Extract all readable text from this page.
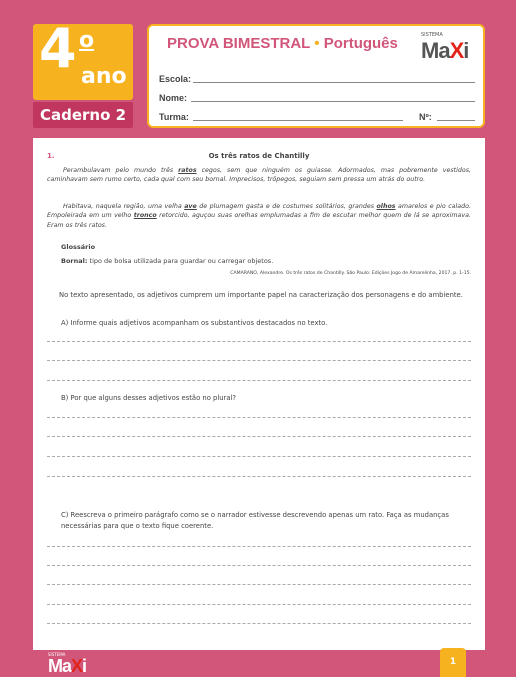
4 o
ano
Caderno 2
PROVA BIMESTRAL • Português	SISTEMA
MaXi
Escola:
Nome:
Turma:	Nº:
1.	Os três ratos de Chantilly

Perambulavam pelo mundo três ratos cegos, sem que ninguém os guiasse. Adormados, mas pobremente vestidos, caminhavam sem rumo certo, cada qual com seu bornal. Imprecisos, trôpegos, seguiam sem pressa um atrás do outro.

Habitava, naquela região, uma velha ave de plumagem gasta e de costumes solitários, grandes olhos amarelos e pio calado. Empoleirada em um velho tronco retorcido, aguçou suas orelhas emplumadas a fim de escutar melhor quem de lá se aproximava. Eram os três ratos.

Glossário
Bornal: tipo de bolsa utilizada para guardar ou carregar objetos.
CAMARANO, Alexandre. Os três ratos de Chantilly. São Paulo: Edições Jogo de Amarelinha, 2017. p. 1-15.

No texto apresentado, os adjetivos cumprem um importante papel na caracterização dos personagens e do ambiente.

A) Informe quais adjetivos acompanham os substantivos destacados no texto.

B) Por que alguns desses adjetivos estão no plural?

C) Reescreva o primeiro parágrafo como se o narrador estivesse descrevendo apenas um rato. Faça as mudanças necessárias para que o texto fique coerente.

SISTEMA
MaXi	1
